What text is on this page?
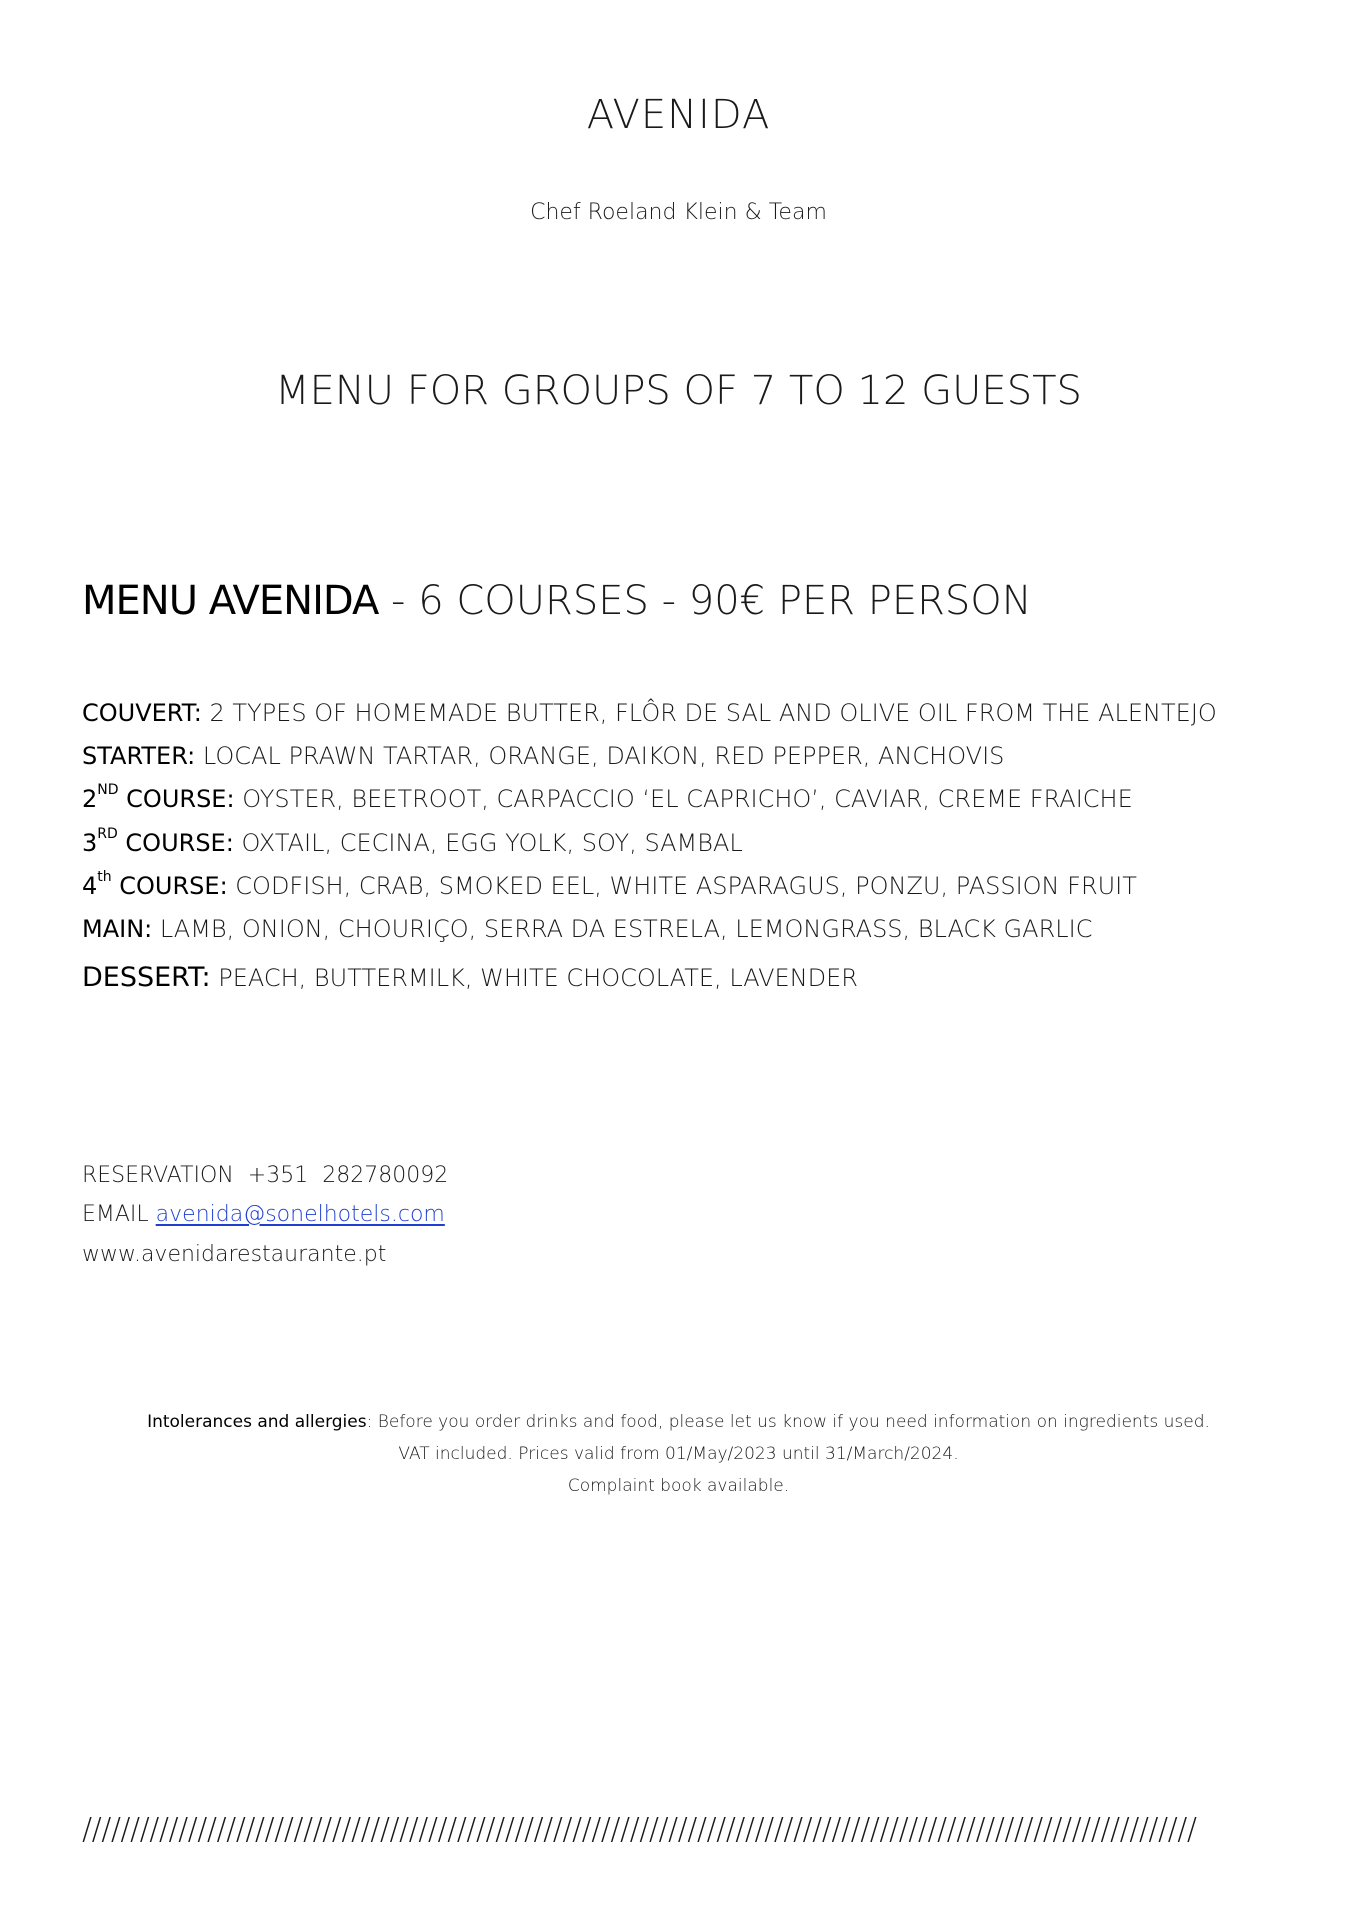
AVENIDA
Chef Roeland Klein & Team
MENU FOR GROUPS OF 7 TO 12 GUESTS
MENU AVENIDA - 6 COURSES - 90€ PER PERSON
COUVERT: 2 TYPES OF HOMEMADE BUTTER, FLÔR DE SAL AND OLIVE OIL FROM THE ALENTEJO
STARTER: LOCAL PRAWN TARTAR, ORANGE, DAIKON, RED PEPPER, ANCHOVIS
2ND COURSE: OYSTER, BEETROOT, CARPACCIO ‘EL CAPRICHO’, CAVIAR, CREME FRAICHE
3RD COURSE: OXTAIL, CECINA, EGG YOLK, SOY, SAMBAL
4th COURSE: CODFISH, CRAB, SMOKED EEL, WHITE ASPARAGUS, PONZU, PASSION FRUIT
MAIN: LAMB, ONION, CHOURIÇO, SERRA DA ESTRELA, LEMONGRASS, BLACK GARLIC
DESSERT: PEACH, BUTTERMILK, WHITE CHOCOLATE, LAVENDER
RESERVATION  +351  282780092
EMAIL avenida@sonelhotels.com
www.avenidarestaurante.pt
Intolerances and allergies: Before you order drinks and food, please let us know if you need information on ingredients used.
VAT included. Prices valid from 01/May/2023 until 31/March/2024.
Complaint book available.
////////////////////////////////////////////////////////////////////////////////////////////////////////////////////
